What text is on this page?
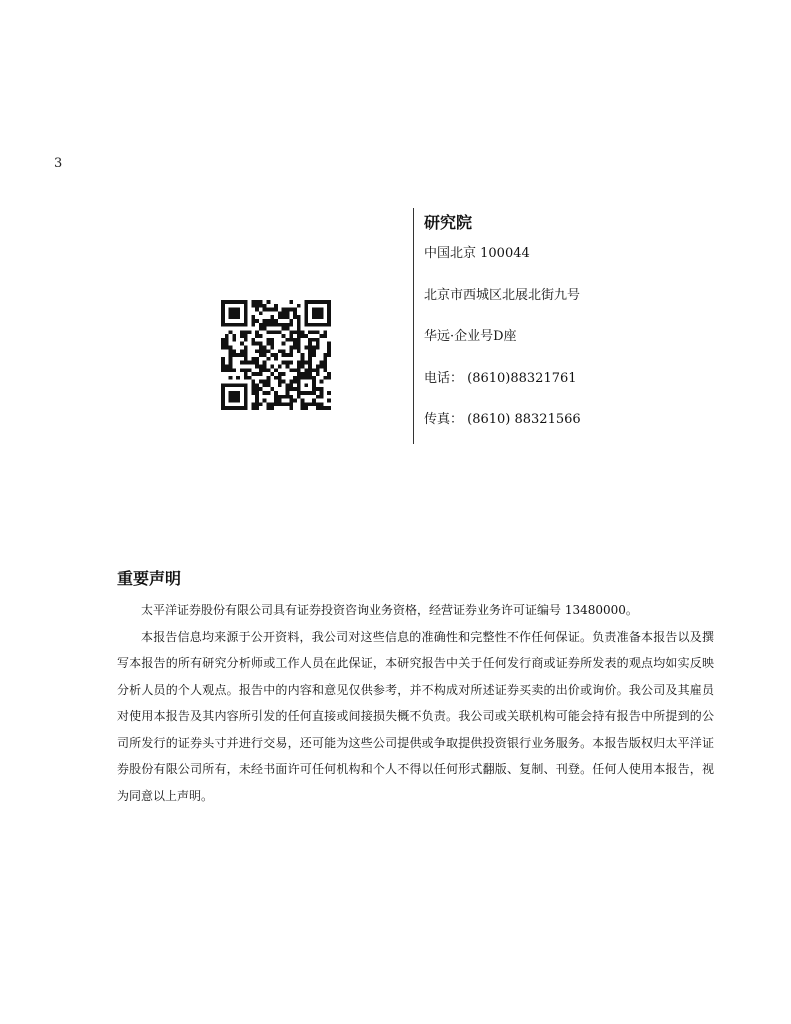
3
研究院
中国北京 100044
北京市西城区北展北街九号
华远·企业号D座
电话： (8610)88321761
传真： (8610) 88321566
重要声明

太平洋证券股份有限公司具有证券投资咨询业务资格，经营证券业务许可证编号 13480000。

本报告信息均来源于公开资料，我公司对这些信息的准确性和完整性不作任何保证。负责准备本报告以及撰写本报告的所有研究分析师或工作人员在此保证，本研究报告中关于任何发行商或证券所发表的观点均如实反映分析人员的个人观点。报告中的内容和意见仅供参考，并不构成对所述证券买卖的出价或询价。我公司及其雇员对使用本报告及其内容所引发的任何直接或间接损失概不负责。我公司或关联机构可能会持有报告中所提到的公司所发行的证券头寸并进行交易，还可能为这些公司提供或争取提供投资银行业务服务。本报告版权归太平洋证券股份有限公司所有，未经书面许可任何机构和个人不得以任何形式翻版、复制、刊登。任何人使用本报告，视为同意以上声明。
